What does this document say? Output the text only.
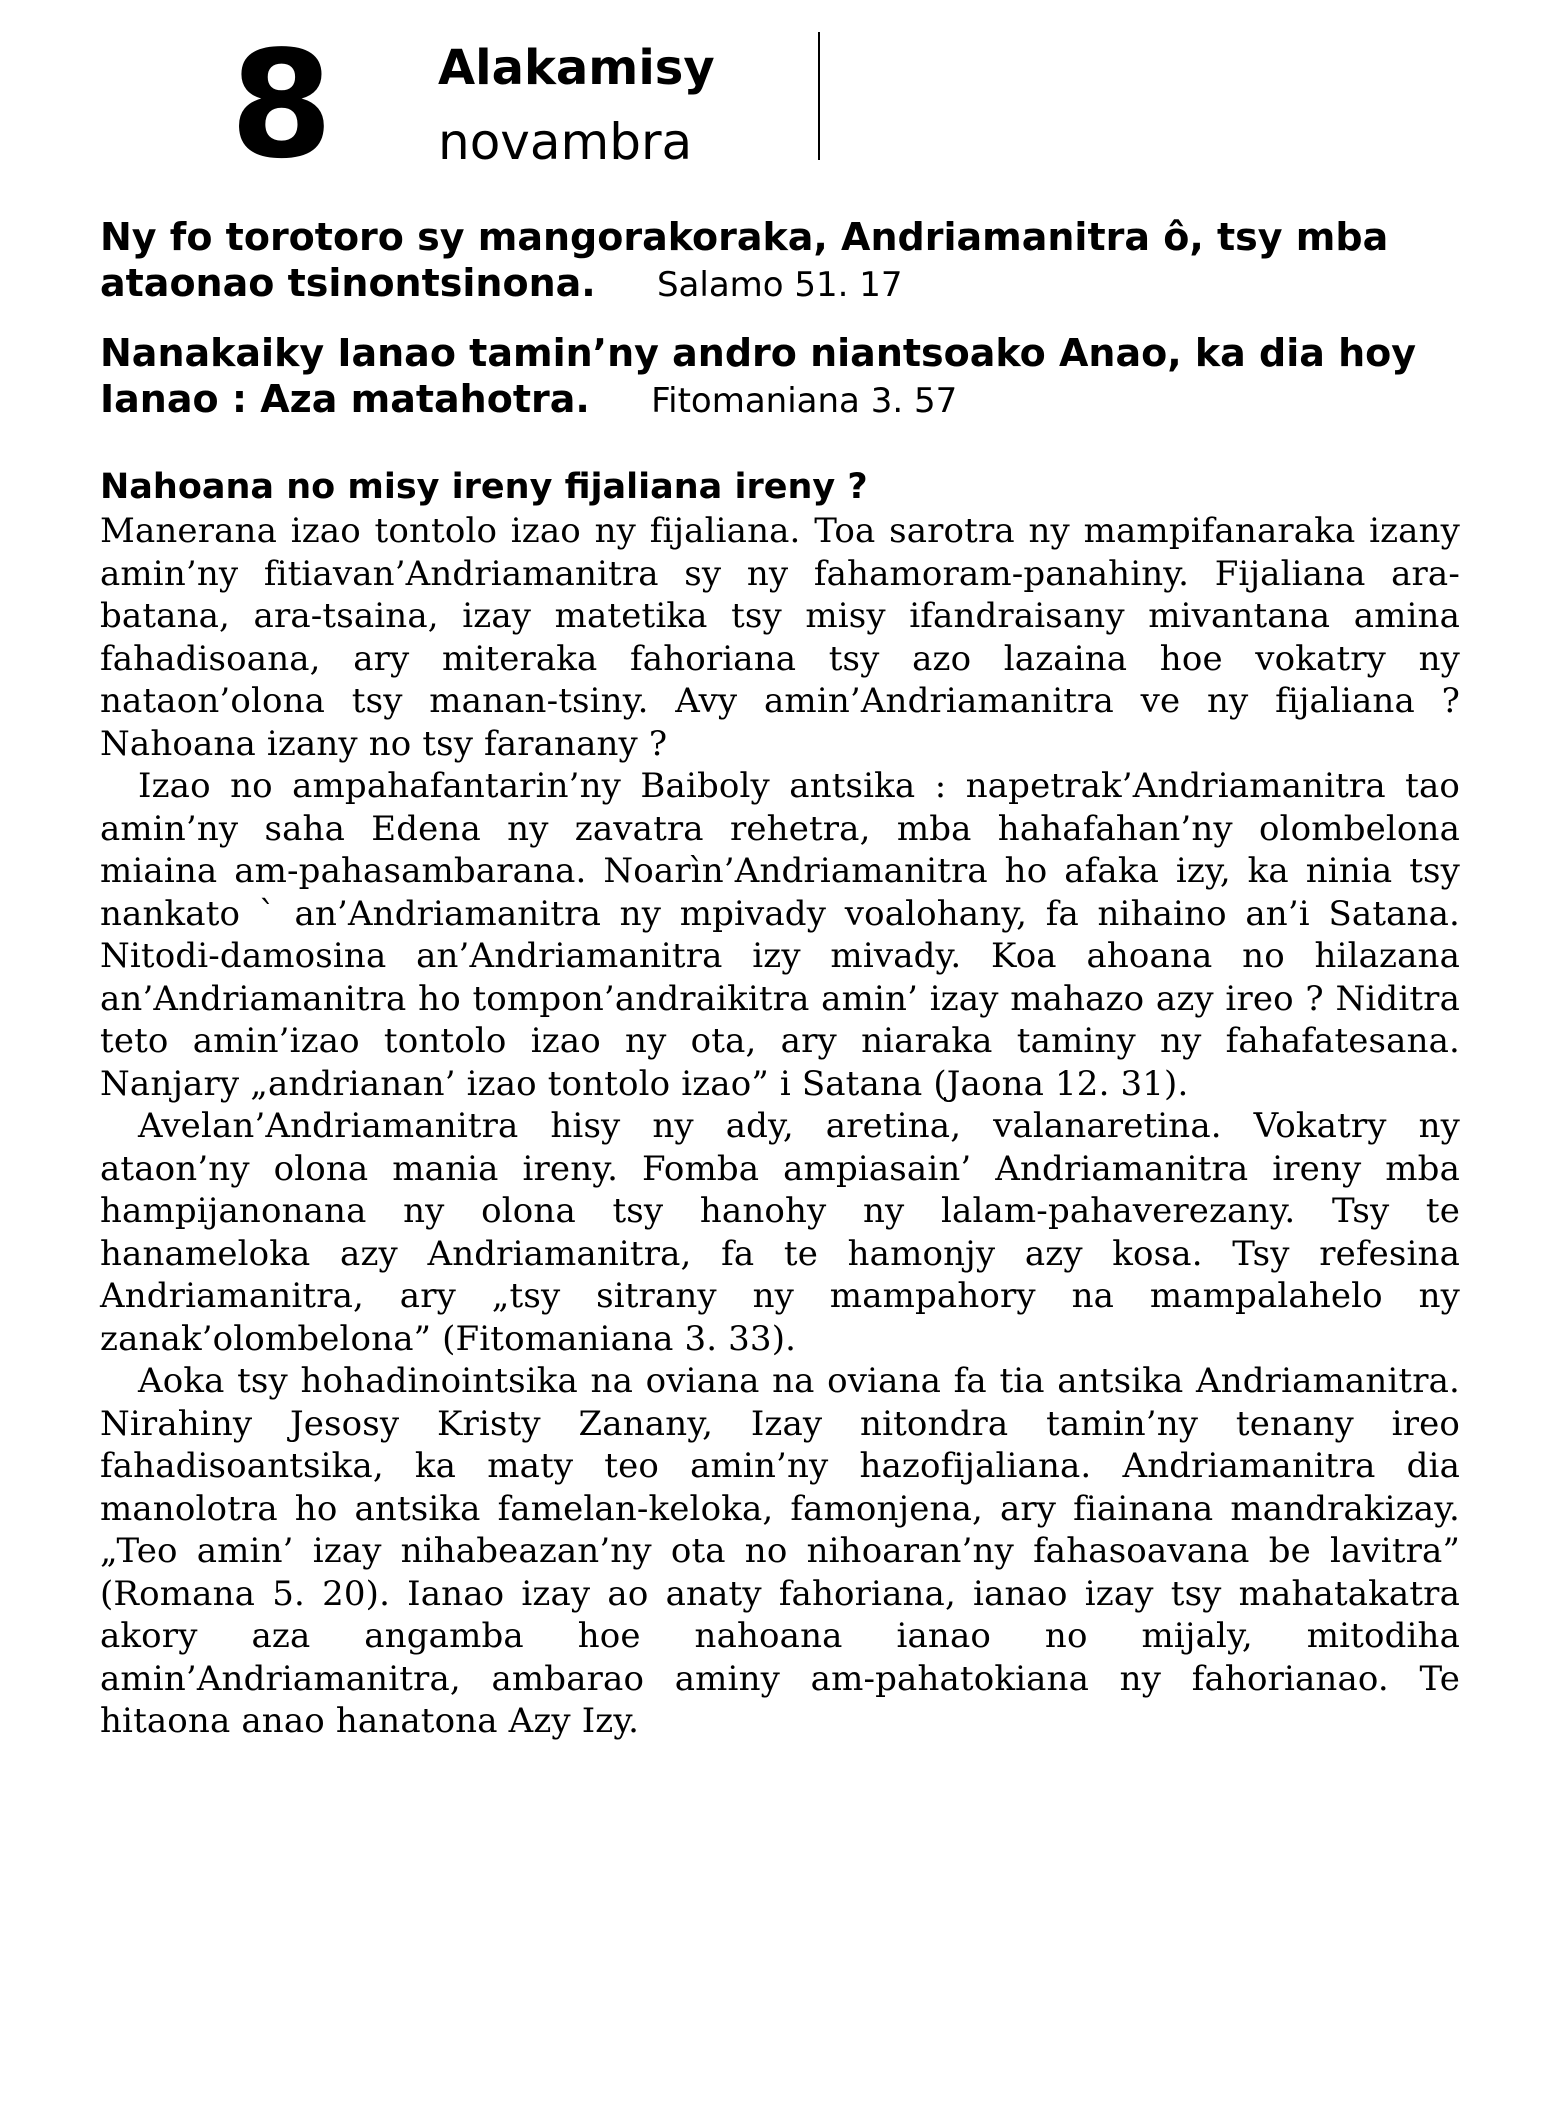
8 Alakamisy
novambra

Ny fo torotoro sy mangorakoraka, Andriamanitra ô, tsy mba ataonao tsinontsinona. Salamo 51. 17

Nanakaiky Ianao tamin’ny andro niantsoako Anao, ka dia hoy Ianao : Aza matahotra. Fitomaniana 3. 57

Nahoana no misy ireny fijaliana ireny ?

Manerana izao tontolo izao ny fijaliana. Toa sarotra ny mampifanaraka izany amin’ny fitiavan’Andriamanitra sy ny fahamoram-panahiny. Fijaliana ara-batana, ara-tsaina, izay matetika tsy misy ifandraisany mivantana amina fahadisoana, ary miteraka fahoriana tsy azo lazaina hoe vokatry ny nataon’olona tsy manan-tsiny. Avy amin’Andriamanitra ve ny fijaliana ? Nahoana izany no tsy faranany ?

Izao no ampahafantarin’ny Baiboly antsika : napetrak’Andriamanitra tao amin’ny saha Edena ny zavatra rehetra, mba hahafahan’ny olombelona miaina am-pahasambarana. Noarìn’Andriamanitra ho afaka izy, ka ninia tsy nankato ` an’Andriamanitra ny mpivady voalohany, fa nihaino an’i Satana. Nitodi-damosina an’Andriamanitra izy mivady. Koa ahoana no hilazana an’Andriamanitra ho tompon’andraikitra amin’ izay mahazo azy ireo ? Niditra teto amin’izao tontolo izao ny ota, ary niaraka taminy ny fahafatesana. Nanjary „andrianan’ izao tontolo izao” i Satana (Jaona 12. 31).

Avelan’Andriamanitra hisy ny ady, aretina, valanaretina. Vokatry ny ataon’ny olona mania ireny. Fomba ampiasain’ Andriamanitra ireny mba hampijanonana ny olona tsy hanohy ny lalam-pahaverezany. Tsy te hanameloka azy Andriamanitra, fa te hamonjy azy kosa. Tsy refesina Andriamanitra, ary „tsy sitrany ny mampahory na mampalahelo ny zanak’olombelona” (Fitomaniana 3. 33).

Aoka tsy hohadinointsika na oviana na oviana fa tia antsika Andriamanitra. Nirahiny Jesosy Kristy Zanany, Izay nitondra tamin’ny tenany ireo fahadisoantsika, ka maty teo amin’ny hazofijaliana. Andriamanitra dia manolotra ho antsika famelan-keloka, famonjena, ary fiainana mandrakizay. „Teo amin’ izay nihabeazan’ny ota no nihoaran’ny fahasoavana be lavitra” (Romana 5. 20). Ianao izay ao anaty fahoriana, ianao izay tsy mahatakatra akory aza angamba hoe nahoana ianao no mijaly, mitodiha amin’Andriamanitra, ambarao aminy am-pahatokiana ny fahorianao. Te hitaona anao hanatona Azy Izy.
